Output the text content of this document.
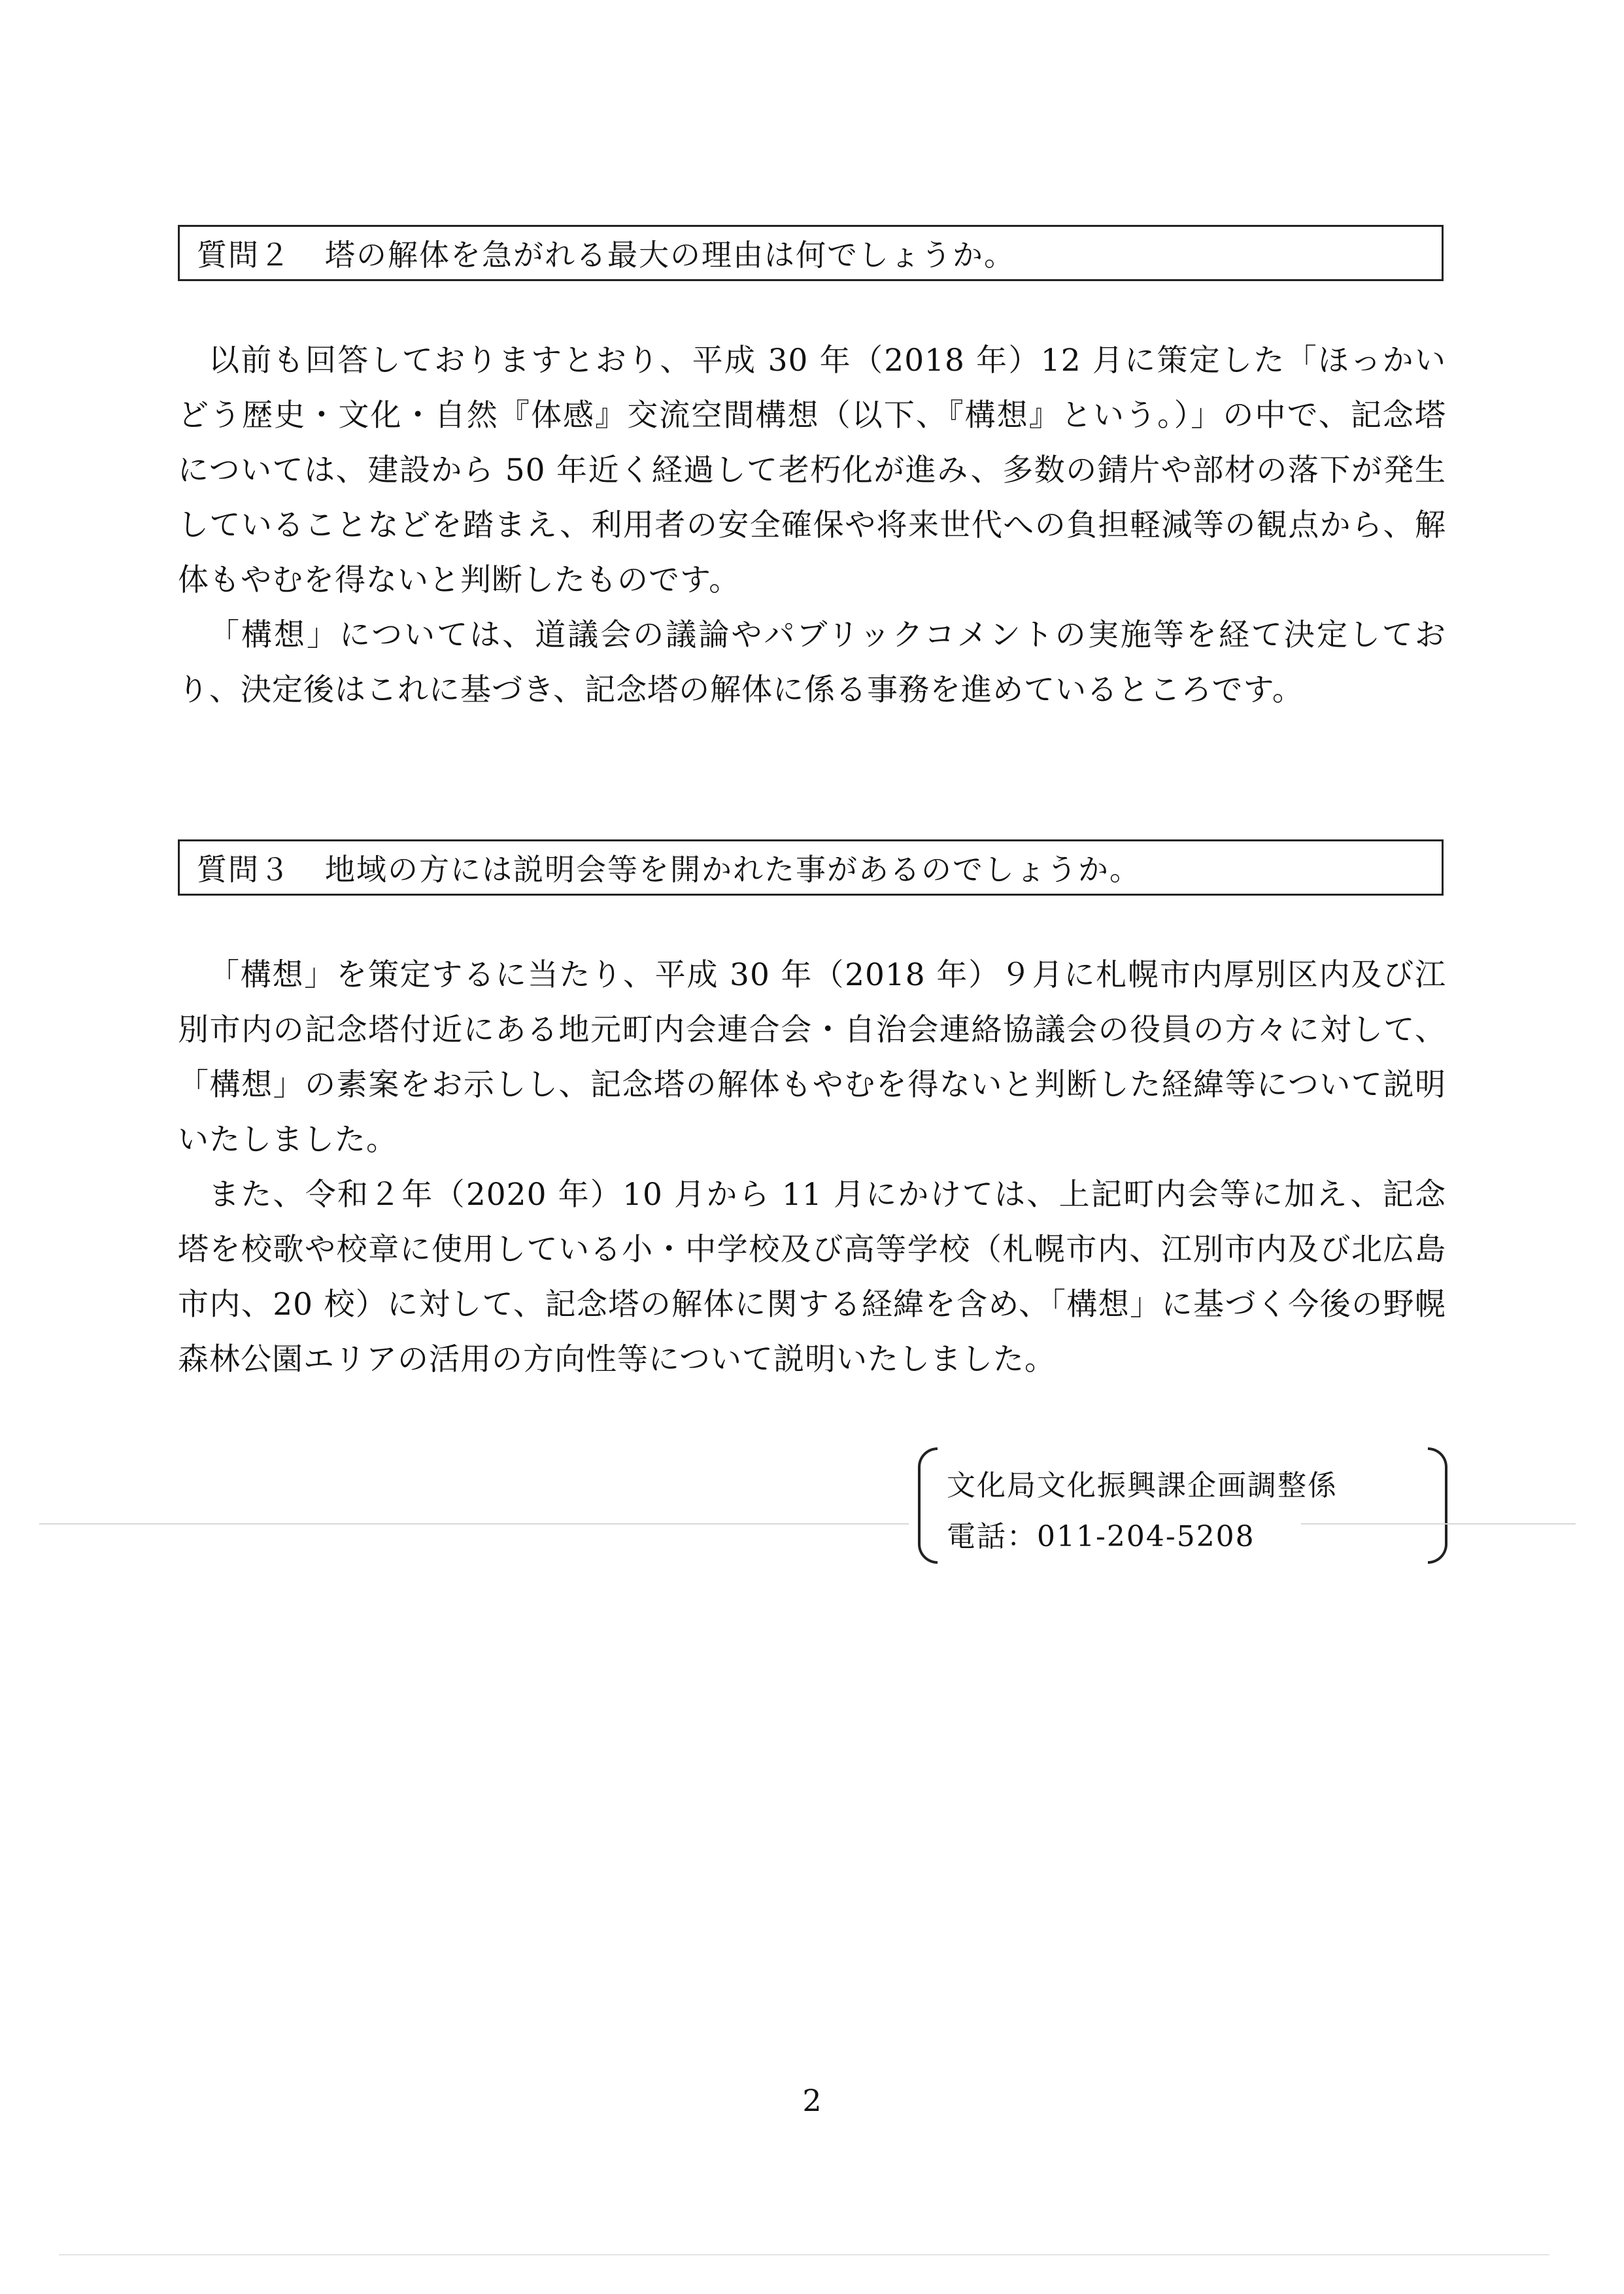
質問２ 塔の解体を急がれる最大の理由は何でしょうか。

以前も回答しておりますとおり、平成 30 年（2018 年）12 月に策定した「ほっかいどう歴史・文化・自然『体感』交流空間構想（以下、『構想』という。）」の中で、記念塔については、建設から 50 年近く経過して老朽化が進み、多数の錆片や部材の落下が発生していることなどを踏まえ、利用者の安全確保や将来世代への負担軽減等の観点から、解体もやむを得ないと判断したものです。

「構想」については、道議会の議論やパブリックコメントの実施等を経て決定しており、決定後はこれに基づき、記念塔の解体に係る事務を進めているところです。

質問３ 地域の方には説明会等を開かれた事があるのでしょうか。

「構想」を策定するに当たり、平成 30 年（2018 年）９月に札幌市内厚別区内及び江別市内の記念塔付近にある地元町内会連合会・自治会連絡協議会の役員の方々に対して、「構想」の素案をお示しし、記念塔の解体もやむを得ないと判断した経緯等について説明いたしました。

また、令和２年（2020 年）10 月から 11 月にかけては、上記町内会等に加え、記念塔を校歌や校章に使用している小・中学校及び高等学校（札幌市内、江別市内及び北広島市内、20 校）に対して、記念塔の解体に関する経緯を含め、「構想」に基づく今後の野幌森林公園エリアの活用の方向性等について説明いたしました。

文化局文化振興課企画調整係
電話：011-204-5208
2
